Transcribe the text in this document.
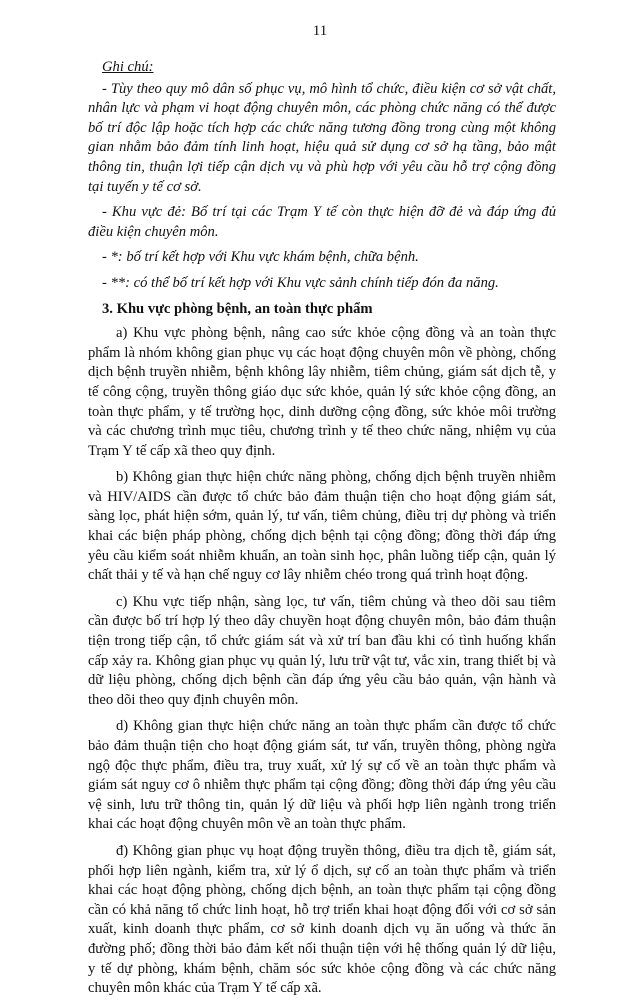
11

Ghi chú:

- Tùy theo quy mô dân số phục vụ, mô hình tổ chức, điều kiện cơ sở vật chất, nhân lực và phạm vi hoạt động chuyên môn, các phòng chức năng có thể được bố trí độc lập hoặc tích hợp các chức năng tương đồng trong cùng một không gian nhằm bảo đảm tính linh hoạt, hiệu quả sử dụng cơ sở hạ tầng, bảo mật thông tin, thuận lợi tiếp cận dịch vụ và phù hợp với yêu cầu hỗ trợ cộng đồng tại tuyến y tế cơ sở.

- Khu vực đẻ: Bố trí tại các Trạm Y tế còn thực hiện đỡ đẻ và đáp ứng đủ điều kiện chuyên môn.

- *: bố trí kết hợp với Khu vực khám bệnh, chữa bệnh.

- **: có thể bố trí kết hợp với Khu vực sảnh chính tiếp đón đa năng.

3. Khu vực phòng bệnh, an toàn thực phẩm

a) Khu vực phòng bệnh, nâng cao sức khỏe cộng đồng và an toàn thực phẩm là nhóm không gian phục vụ các hoạt động chuyên môn về phòng, chống dịch bệnh truyền nhiễm, bệnh không lây nhiễm, tiêm chủng, giám sát dịch tễ, y tế công cộng, truyền thông giáo dục sức khỏe, quản lý sức khỏe cộng đồng, an toàn thực phẩm, y tế trường học, dinh dưỡng cộng đồng, sức khỏe môi trường và các chương trình mục tiêu, chương trình y tế theo chức năng, nhiệm vụ của Trạm Y tế cấp xã theo quy định.

b) Không gian thực hiện chức năng phòng, chống dịch bệnh truyền nhiễm và HIV/AIDS cần được tổ chức bảo đảm thuận tiện cho hoạt động giám sát, sàng lọc, phát hiện sớm, quản lý, tư vấn, tiêm chủng, điều trị dự phòng và triển khai các biện pháp phòng, chống dịch bệnh tại cộng đồng; đồng thời đáp ứng yêu cầu kiểm soát nhiễm khuẩn, an toàn sinh học, phân luồng tiếp cận, quản lý chất thải y tế và hạn chế nguy cơ lây nhiễm chéo trong quá trình hoạt động.

c) Khu vực tiếp nhận, sàng lọc, tư vấn, tiêm chủng và theo dõi sau tiêm cần được bố trí hợp lý theo dây chuyền hoạt động chuyên môn, bảo đảm thuận tiện trong tiếp cận, tổ chức giám sát và xử trí ban đầu khi có tình huống khẩn cấp xảy ra. Không gian phục vụ quản lý, lưu trữ vật tư, vắc xin, trang thiết bị và dữ liệu phòng, chống dịch bệnh cần đáp ứng yêu cầu bảo quản, vận hành và theo dõi theo quy định chuyên môn.

d) Không gian thực hiện chức năng an toàn thực phẩm cần được tổ chức bảo đảm thuận tiện cho hoạt động giám sát, tư vấn, truyền thông, phòng ngừa ngộ độc thực phẩm, điều tra, truy xuất, xử lý sự cố về an toàn thực phẩm và giám sát nguy cơ ô nhiễm thực phẩm tại cộng đồng; đồng thời đáp ứng yêu cầu vệ sinh, lưu trữ thông tin, quản lý dữ liệu và phối hợp liên ngành trong triển khai các hoạt động chuyên môn về an toàn thực phẩm.

đ) Không gian phục vụ hoạt động truyền thông, điều tra dịch tễ, giám sát, phối hợp liên ngành, kiểm tra, xử lý ổ dịch, sự cố an toàn thực phẩm và triển khai các hoạt động phòng, chống dịch bệnh, an toàn thực phẩm tại cộng đồng cần có khả năng tổ chức linh hoạt, hỗ trợ triển khai hoạt động đối với cơ sở sản xuất, kinh doanh thực phẩm, cơ sở kinh doanh dịch vụ ăn uống và thức ăn đường phố; đồng thời bảo đảm kết nối thuận tiện với hệ thống quản lý dữ liệu, y tế dự phòng, khám bệnh, chăm sóc sức khỏe cộng đồng và các chức năng chuyên môn khác của Trạm Y tế cấp xã.
